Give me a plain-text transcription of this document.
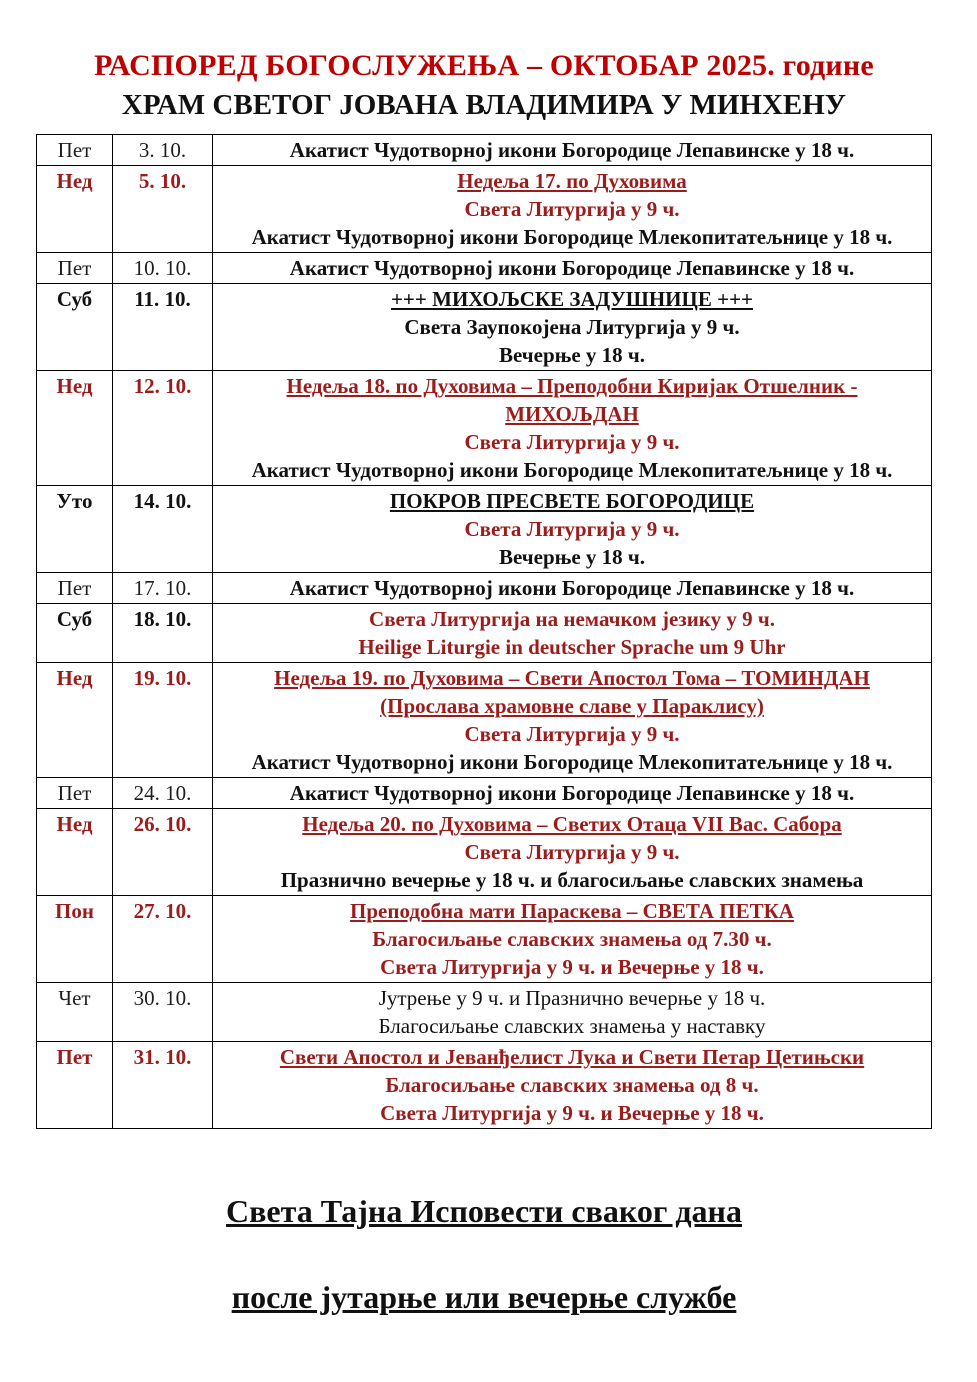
РАСПОРЕД БОГОСЛУЖЕЊА – ОКТОБАР 2025. године
ХРАМ СВЕТОГ ЈОВАНА ВЛАДИМИРА У МИНХЕНУ
Пет	3. 10.	Акатист Чудотворној икони Богородице Лепавинске у 18 ч.

Нед	5. 10.	Недеља 17. по Духовима
Света Литургија у 9 ч.
Акатист Чудотворној икони Богородице Млекопитатељнице у 18 ч.

Пет	10. 10.	Акатист Чудотворној икони Богородице Лепавинске у 18 ч.

Суб	11. 10.	+++ МИХОЉСКЕ ЗАДУШНИЦЕ +++
Света Заупокојена Литургија у 9 ч.
Вечерње у 18 ч.

Нед	12. 10.	Недеља 18. по Духовима – Преподобни Киријак Отшелник -
МИХОЉДАН
Света Литургија у 9 ч.
Акатист Чудотворној икони Богородице Млекопитатељнице у 18 ч.

Уто	14. 10.	ПОКРОВ ПРЕСВЕТЕ БОГОРОДИЦЕ
Света Литургија у 9 ч.
Вечерње у 18 ч.

Пет	17. 10.	Акатист Чудотворној икони Богородице Лепавинске у 18 ч.

Суб	18. 10.	Света Литургија на немачком језику у 9 ч.
Heilige Liturgie in deutscher Sprache um 9 Uhr

Нед	19. 10.	Недеља 19. по Духовима – Свети Апостол Тома – ТОМИНДАН
(Прослава храмовне славе у Параклису)
Света Литургија у 9 ч.
Акатист Чудотворној икони Богородице Млекопитатељнице у 18 ч.

Пет	24. 10.	Акатист Чудотворној икони Богородице Лепавинске у 18 ч.

Нед	26. 10.	Недеља 20. по Духовима – Светих Отаца VII Вас. Сабора
Света Литургија у 9 ч.
Празнично вечерње у 18 ч. и благосиљање славских знамења

Пон	27. 10.	Преподобна мати Параскева – СВЕТА ПЕТКА
Благосиљање славских знамења од 7.30 ч.
Света Литургија у 9 ч. и Вечерње у 18 ч.

Чет	30. 10.	Јутрење у 9 ч. и Празнично вечерње у 18 ч.
Благосиљање славских знамења у наставку

Пет	31. 10.	Свети Апостол и Јеванђелист Лука и Свети Петар Цетињски
Благосиљање славских знамења од 8 ч.
Света Литургија у 9 ч. и Вечерње у 18 ч.

Света Тајна Исповести сваког дана

после јутарње или вечерње службе
